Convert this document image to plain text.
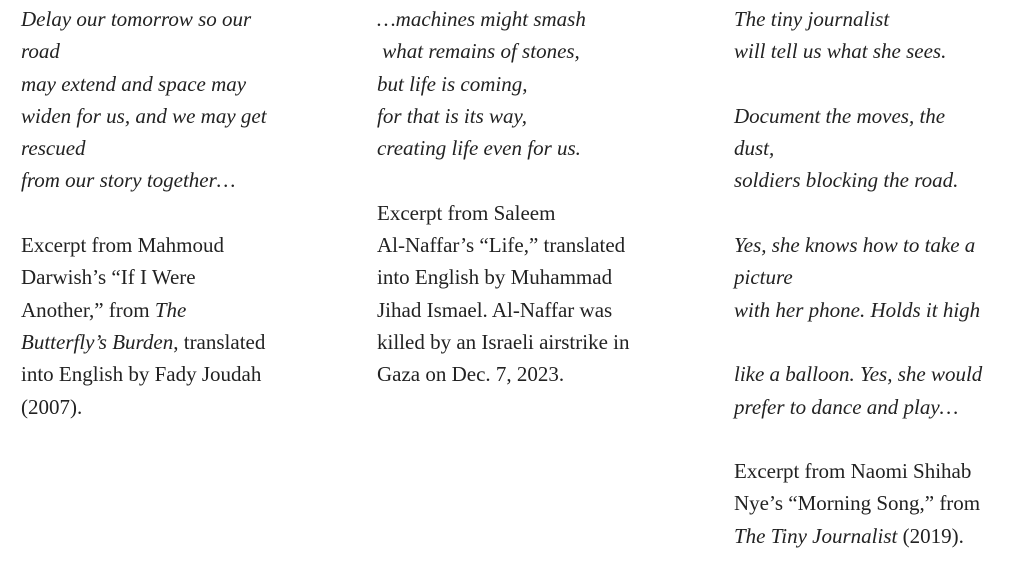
Delay our tomorrow so our
road
may extend and space may
widen for us, and we may get
rescued
from our story together…
Excerpt from Mahmoud
Darwish’s “If I Were
Another,” from The
Butterfly’s Burden, translated
into English by Fady Joudah
(2007).
…machines might smash
what remains of stones,
but life is coming,
for that is its way,
creating life even for us.
Excerpt from Saleem
Al-Naffar’s “Life,” translated
into English by Muhammad
Jihad Ismael. Al-Naffar was
killed by an Israeli airstrike in
Gaza on Dec. 7, 2023.
The tiny journalist
will tell us what she sees.
Document the moves, the
dust,
soldiers blocking the road.
Yes, she knows how to take a
picture
with her phone. Holds it high
like a balloon. Yes, she would
prefer to dance and play…
Excerpt from Naomi Shihab
Nye’s “Morning Song,” from
The Tiny Journalist (2019).
